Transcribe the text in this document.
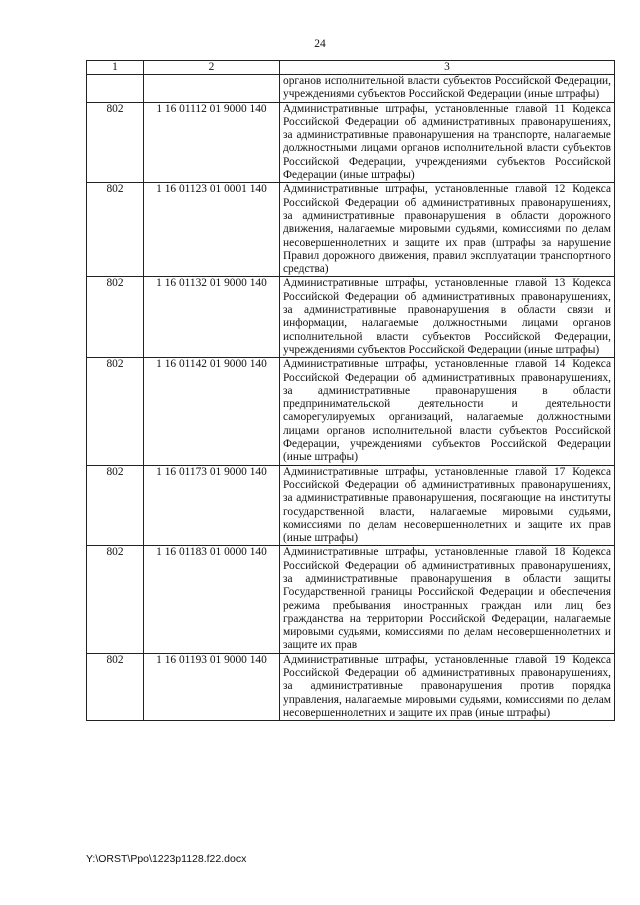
24
1	2	3
		органов исполнительной власти субъектов Российской Федерации, учреждениями субъектов Российской Федерации (иные штрафы)
802	1 16 01112 01 9000 140	Административные штрафы, установленные главой 11 Кодекса Российской Федерации об административных правонарушениях, за административные правонарушения на транспорте, налагаемые должностными лицами органов исполнительной власти субъектов Российской Федерации, учреждениями субъектов Российской Федерации (иные штрафы)
802	1 16 01123 01 0001 140	Административные штрафы, установленные главой 12 Кодекса Российской Федерации об административных правонарушениях, за административные правонарушения в области дорожного движения, налагаемые мировыми судьями, комиссиями по делам несовершеннолетних и защите их прав (штрафы за нарушение Правил дорожного движения, правил эксплуатации транспортного средства)
802	1 16 01132 01 9000 140	Административные штрафы, установленные главой 13 Кодекса Российской Федерации об административных правонарушениях, за административные правонарушения в области связи и информации, налагаемые должностными лицами органов исполнительной власти субъектов Российской Федерации, учреждениями субъектов Российской Федерации (иные штрафы)
802	1 16 01142 01 9000 140	Административные штрафы, установленные главой 14 Кодекса Российской Федерации об административных правонарушениях, за административные правонарушения в области предпринимательской деятельности и деятельности саморегулируемых организаций, налагаемые должностными лицами органов исполнительной власти субъектов Российской Федерации, учреждениями субъектов Российской Федерации (иные штрафы)
802	1 16 01173 01 9000 140	Административные штрафы, установленные главой 17 Кодекса Российской Федерации об административных правонарушениях, за административные правонарушения, посягающие на институты государственной власти, налагаемые мировыми судьями, комиссиями по делам несовершеннолетних и защите их прав (иные штрафы)
802	1 16 01183 01 0000 140	Административные штрафы, установленные главой 18 Кодекса Российской Федерации об административных правонарушениях, за административные правонарушения в области защиты Государственной границы Российской Федерации и обеспечения режима пребывания иностранных граждан или лиц без гражданства на территории Российской Федерации, налагаемые мировыми судьями, комиссиями по делам несовершеннолетних и защите их прав
802	1 16 01193 01 9000 140	Административные штрафы, установленные главой 19 Кодекса Российской Федерации об административных правонарушениях, за административные правонарушения против порядка управления, налагаемые мировыми судьями, комиссиями по делам несовершеннолетних и защите их прав (иные штрафы)
Y:\ORST\Ppo\1223p1128.f22.docx
